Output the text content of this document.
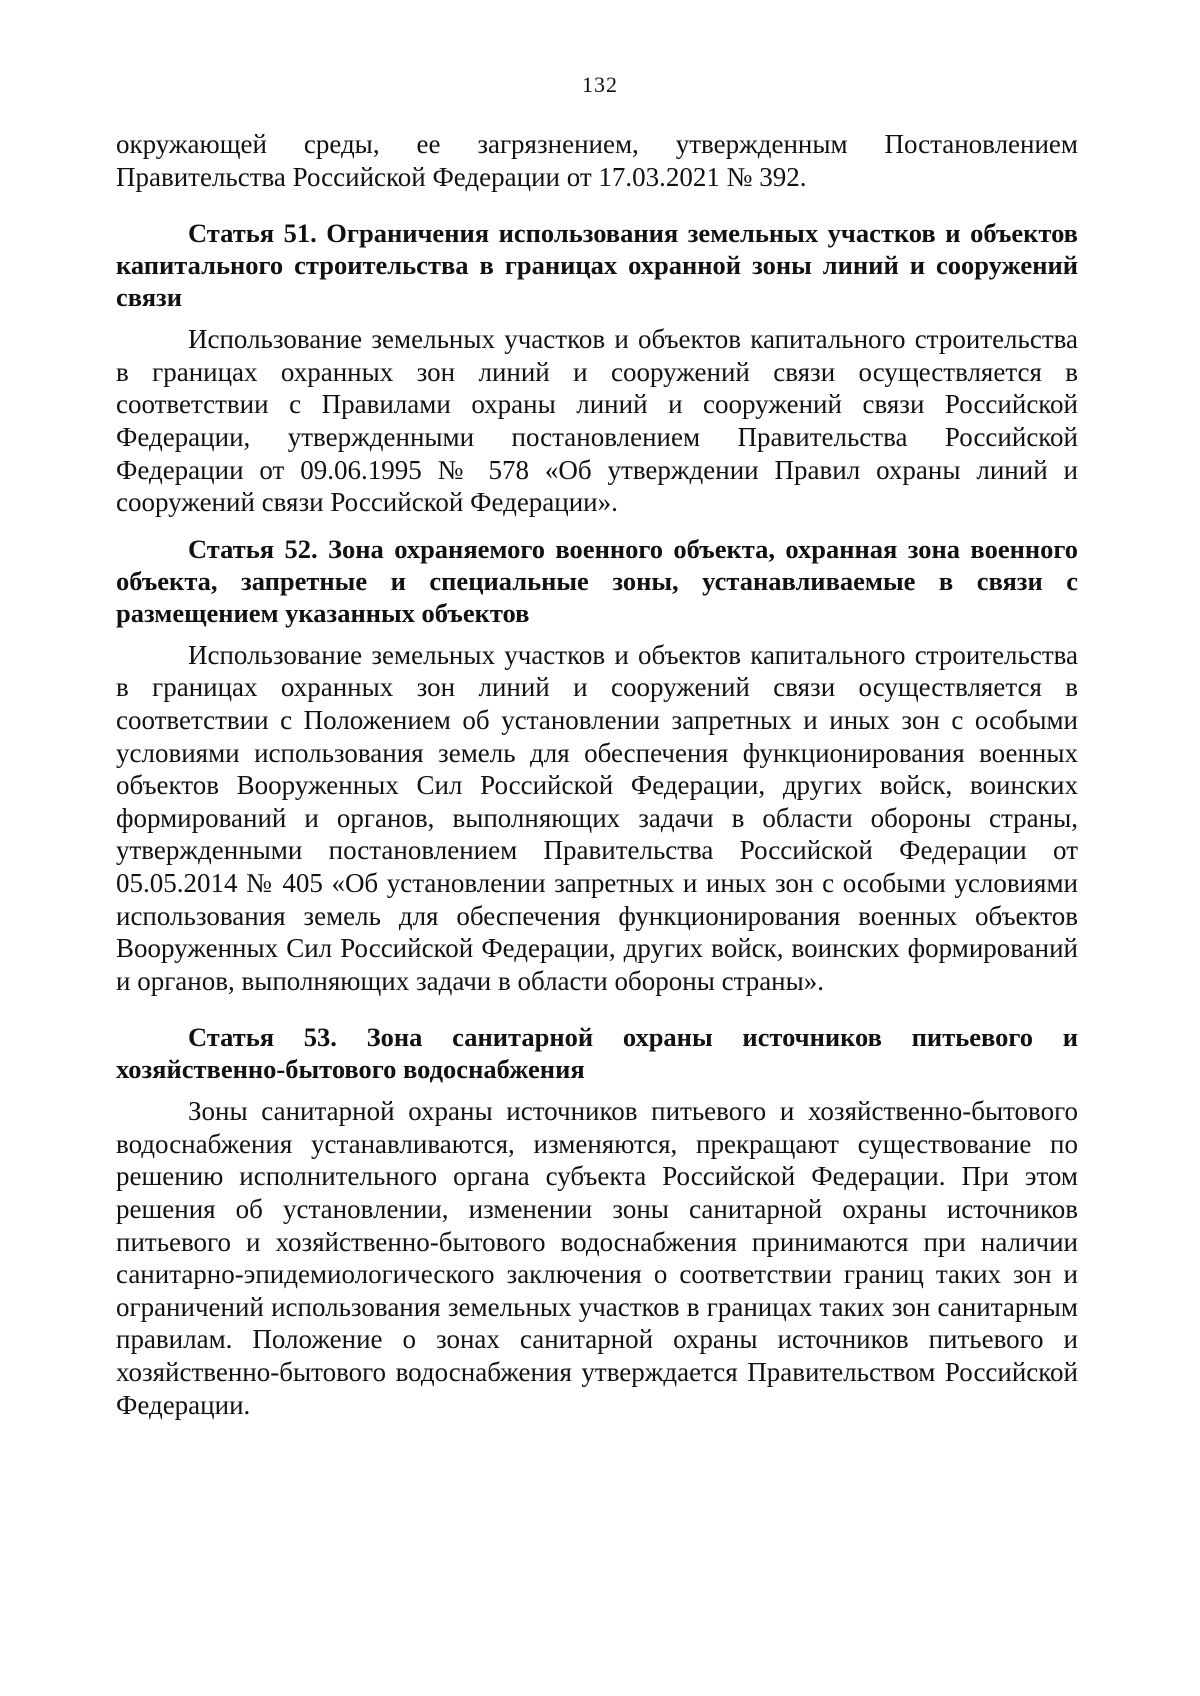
132

окружающей среды, ее загрязнением, утвержденным Постановлением Правительства Российской Федерации от 17.03.2021 № 392.

Статья 51. Ограничения использования земельных участков и объектов капитального строительства в границах охранной зоны линий и сооружений связи

Использование земельных участков и объектов капитального строительства в границах охранных зон линий и сооружений связи осуществляется в соответствии с Правилами охраны линий и сооружений связи Российской Федерации, утвержденными постановлением Правительства Российской Федерации от 09.06.1995 № 578 «Об утверждении Правил охраны линий и сооружений связи Российской Федерации».

Статья 52. Зона охраняемого военного объекта, охранная зона военного объекта, запретные и специальные зоны, устанавливаемые в связи с размещением указанных объектов

Использование земельных участков и объектов капитального строительства в границах охранных зон линий и сооружений связи осуществляется в соответствии с Положением об установлении запретных и иных зон с особыми условиями использования земель для обеспечения функционирования военных объектов Вооруженных Сил Российской Федерации, других войск, воинских формирований и органов, выполняющих задачи в области обороны страны, утвержденными постановлением Правительства Российской Федерации от 05.05.2014 № 405 «Об установлении запретных и иных зон с особыми условиями использования земель для обеспечения функционирования военных объектов Вооруженных Сил Российской Федерации, других войск, воинских формирований и органов, выполняющих задачи в области обороны страны».

Статья 53. Зона санитарной охраны источников питьевого и хозяйственно-бытового водоснабжения

Зоны санитарной охраны источников питьевого и хозяйственно-бытового водоснабжения устанавливаются, изменяются, прекращают существование по решению исполнительного органа субъекта Российской Федерации. При этом решения об установлении, изменении зоны санитарной охраны источников питьевого и хозяйственно-бытового водоснабжения принимаются при наличии санитарно-эпидемиологического заключения о соответствии границ таких зон и ограничений использования земельных участков в границах таких зон санитарным правилам. Положение о зонах санитарной охраны источников питьевого и хозяйственно-бытового водоснабжения утверждается Правительством Российской Федерации.
